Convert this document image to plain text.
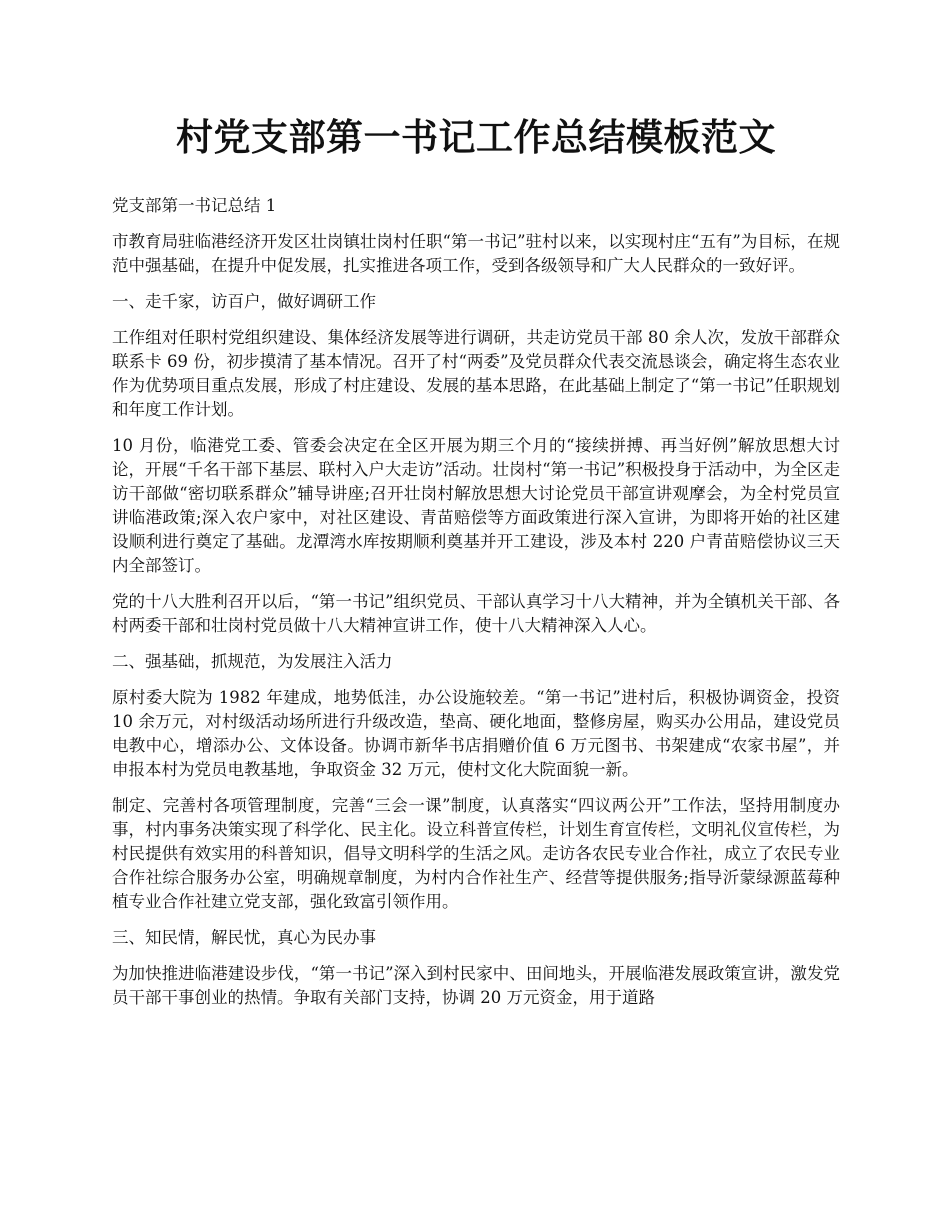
村党支部第一书记工作总结模板范文

党支部第一书记总结 1

市教育局驻临港经济开发区壮岗镇壮岗村任职“第一书记”驻村以来，以实现村庄“五有”为目标，在规范中强基础，在提升中促发展，扎实推进各项工作，受到各级领导和广大人民群众的一致好评。

一、走千家，访百户，做好调研工作

工作组对任职村党组织建设、集体经济发展等进行调研，共走访党员干部 80 余人次，发放干部群众联系卡 69 份，初步摸清了基本情况。召开了村“两委”及党员群众代表交流恳谈会，确定将生态农业作为优势项目重点发展，形成了村庄建设、发展的基本思路，在此基础上制定了“第一书记”任职规划和年度工作计划。

10 月份，临港党工委、管委会决定在全区开展为期三个月的“接续拼搏、再当好例”解放思想大讨论，开展“千名干部下基层、联村入户大走访”活动。壮岗村“第一书记”积极投身于活动中，为全区走访干部做“密切联系群众”辅导讲座;召开壮岗村解放思想大讨论党员干部宣讲观摩会，为全村党员宣讲临港政策;深入农户家中，对社区建设、青苗赔偿等方面政策进行深入宣讲，为即将开始的社区建设顺利进行奠定了基础。龙潭湾水库按期顺利奠基并开工建设，涉及本村 220 户青苗赔偿协议三天内全部签订。

党的十八大胜利召开以后，“第一书记”组织党员、干部认真学习十八大精神，并为全镇机关干部、各村两委干部和壮岗村党员做十八大精神宣讲工作，使十八大精神深入人心。

二、强基础，抓规范，为发展注入活力

原村委大院为 1982 年建成，地势低洼，办公设施较差。“第一书记”进村后，积极协调资金，投资 10 余万元，对村级活动场所进行升级改造，垫高、硬化地面，整修房屋，购买办公用品，建设党员电教中心，增添办公、文体设备。协调市新华书店捐赠价值 6 万元图书、书架建成“农家书屋”，并申报本村为党员电教基地，争取资金 32 万元，使村文化大院面貌一新。

制定、完善村各项管理制度，完善“三会一课”制度，认真落实“四议两公开”工作法，坚持用制度办事，村内事务决策实现了科学化、民主化。设立科普宣传栏，计划生育宣传栏，文明礼仪宣传栏，为村民提供有效实用的科普知识，倡导文明科学的生活之风。走访各农民专业合作社，成立了农民专业合作社综合服务办公室，明确规章制度，为村内合作社生产、经营等提供服务;指导沂蒙绿源蓝莓种植专业合作社建立党支部，强化致富引领作用。

三、知民情，解民忧，真心为民办事

为加快推进临港建设步伐，“第一书记”深入到村民家中、田间地头，开展临港发展政策宣讲，激发党员干部干事创业的热情。争取有关部门支持，协调 20 万元资金，用于道路
